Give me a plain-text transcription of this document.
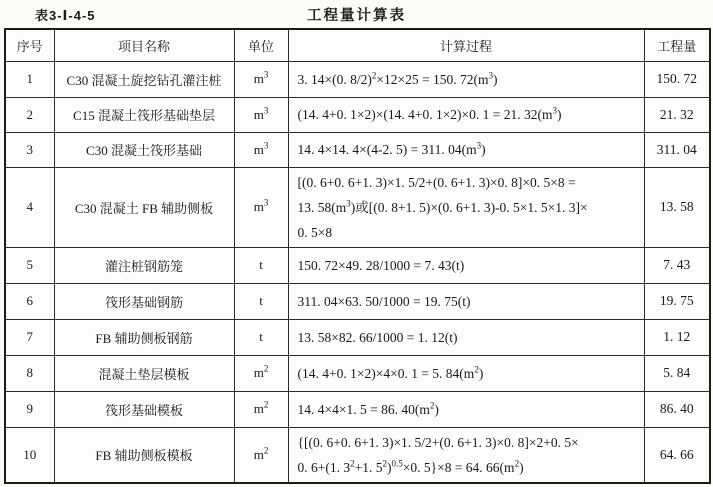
表3-Ⅰ-4-5	工程量计算表
序号	项目名称	单位	计算过程	工程量
1	C30 混凝土旋挖钻孔灌注桩	$m^3$	3. 14×(0. 8/2)$^2$×12×25 = 150. $72(m^3)$	150. 72
2	C15 混凝土筏形基础垫层	$m^3$	(14. 4+0. 1×2)×(14. 4+0. 1×2)×0. 1 = 21. $32(m^3)$	21. 32
3	C30 混凝土筏形基础	$m^3$	14. 4×14. 4×(4-2. 5) = 311. $04(m^3)$	311. 04
4	C30 混凝土 FB 辅助侧板	$m^3$	[(0. 6+0. 6+1. 3)×1. 5/2+(0. 6+1. 3)×0. 8]×0. 5×8 =
13. $58(m^3)$或[(0. 8+1. 5)×(0. 6+1. 3)-0. 5×1. 5×1. 3]×
0. 5×8	13. 58
5	灌注桩钢筋笼	t	150. 72×49. 28/1000 = 7. 43(t)	7. 43
6	筏形基础钢筋	t	311. 04×63. 50/1000 = 19. 75(t)	19. 75
7	FB 辅助侧板钢筋	t	13. 58×82. 66/1000 = 1. 12(t)	1. 12
8	混凝土垫层模板	$m^2$	(14. 4+0. 1×2)×4×0. 1 = 5. $84(m^2)$	5. 84
9	筏形基础模板	$m^2$	14. 4×4×1. 5 = 86. $40(m^2)$	86. 40
10	FB 辅助侧板模板	$m^2$	{[(0. 6+0. 6+1. 3)×1. 5/2+(0. 6+1. 3)×0. 8]×2+0. 5×
0. 6+(1. $3^2+1$. $5^2)^{0.5}\times 0$. 5}×8 = 64. $66(m^2)$	64. 66
